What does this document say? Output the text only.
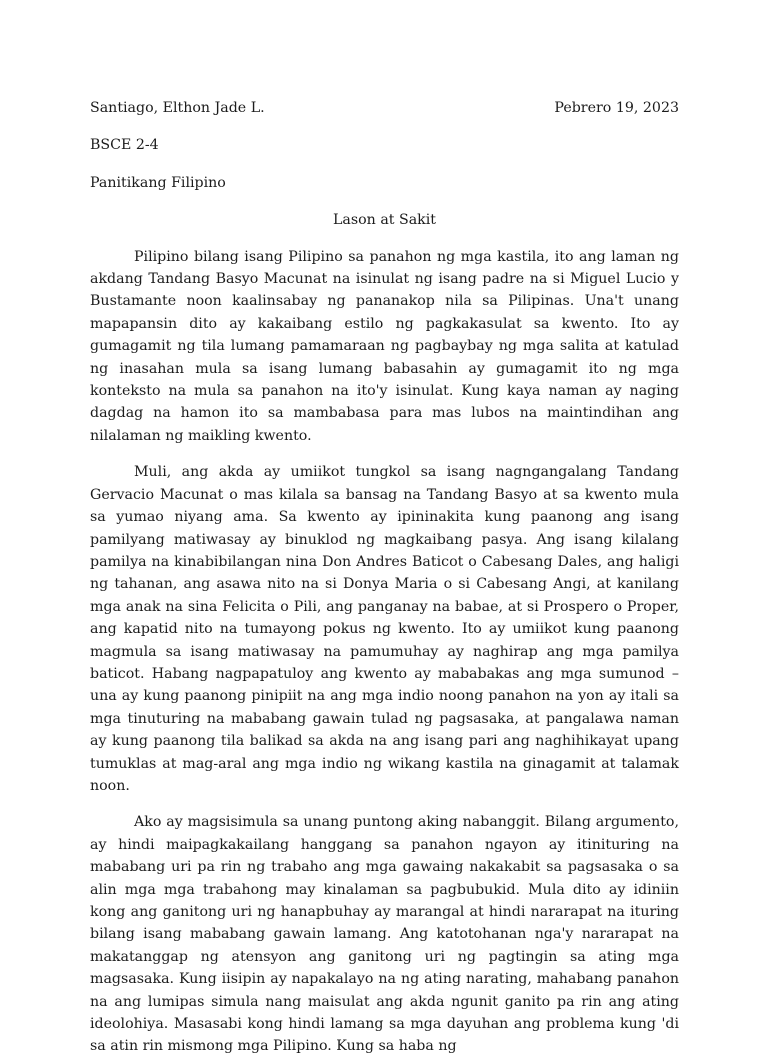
Santiago, Elthon Jade L.	Pebrero 19, 2023

BSCE 2-4

Panitikang Filipino

Lason at Sakit

Pilipino bilang isang Pilipino sa panahon ng mga kastila, ito ang laman ng akdang Tandang Basyo Macunat na isinulat ng isang padre na si Miguel Lucio y Bustamante noon kaalinsabay ng pananakop nila sa Pilipinas. Una't unang mapapansin dito ay kakaibang estilo ng pagkakasulat sa kwento. Ito ay gumagamit ng tila lumang pamamaraan ng pagbaybay ng mga salita at katulad ng inasahan mula sa isang lumang babasahin ay gumagamit ito ng mga konteksto na mula sa panahon na ito'y isinulat. Kung kaya naman ay naging dagdag na hamon ito sa mambabasa para mas lubos na maintindihan ang nilalaman ng maikling kwento.

Muli, ang akda ay umiikot tungkol sa isang nagngangalang Tandang Gervacio Macunat o mas kilala sa bansag na Tandang Basyo at sa kwento mula sa yumao niyang ama. Sa kwento ay ipininakita kung paanong ang isang pamilyang matiwasay ay binuklod ng magkaibang pasya. Ang isang kilalang pamilya na kinabibilangan nina Don Andres Baticot o Cabesang Dales, ang haligi ng tahanan, ang asawa nito na si Donya Maria o si Cabesang Angi, at kanilang mga anak na sina Felicita o Pili, ang panganay na babae, at si Prospero o Proper, ang kapatid nito na tumayong pokus ng kwento. Ito ay umiikot kung paanong magmula sa isang matiwasay na pamumuhay ay naghirap ang mga pamilya baticot. Habang nagpapatuloy ang kwento ay mababakas ang mga sumunod – una ay kung paanong pinipiit na ang mga indio noong panahon na yon ay itali sa mga tinuturing na mababang gawain tulad ng pagsasaka, at pangalawa naman ay kung paanong tila balikad sa akda na ang isang pari ang naghihikayat upang tumuklas at mag-aral ang mga indio ng wikang kastila na ginagamit at talamak noon.

Ako ay magsisimula sa unang puntong aking nabanggit. Bilang argumento, ay hindi maipagkakailang hanggang sa panahon ngayon ay itinituring na mababang uri pa rin ng trabaho ang mga gawaing nakakabit sa pagsasaka o sa alin mga mga trabahong may kinalaman sa pagbubukid. Mula dito ay idiniin kong ang ganitong uri ng hanapbuhay ay marangal at hindi nararapat na ituring bilang isang mababang gawain lamang. Ang katotohanan nga'y nararapat na makatanggap ng atensyon ang ganitong uri ng pagtingin sa ating mga magsasaka. Kung iisipin ay napakalayo na ng ating narating, mahabang panahon na ang lumipas simula nang maisulat ang akda ngunit ganito pa rin ang ating ideolohiya. Masasabi kong hindi lamang sa mga dayuhan ang problema kung 'di sa atin rin mismong mga Pilipino. Kung sa haba ng
